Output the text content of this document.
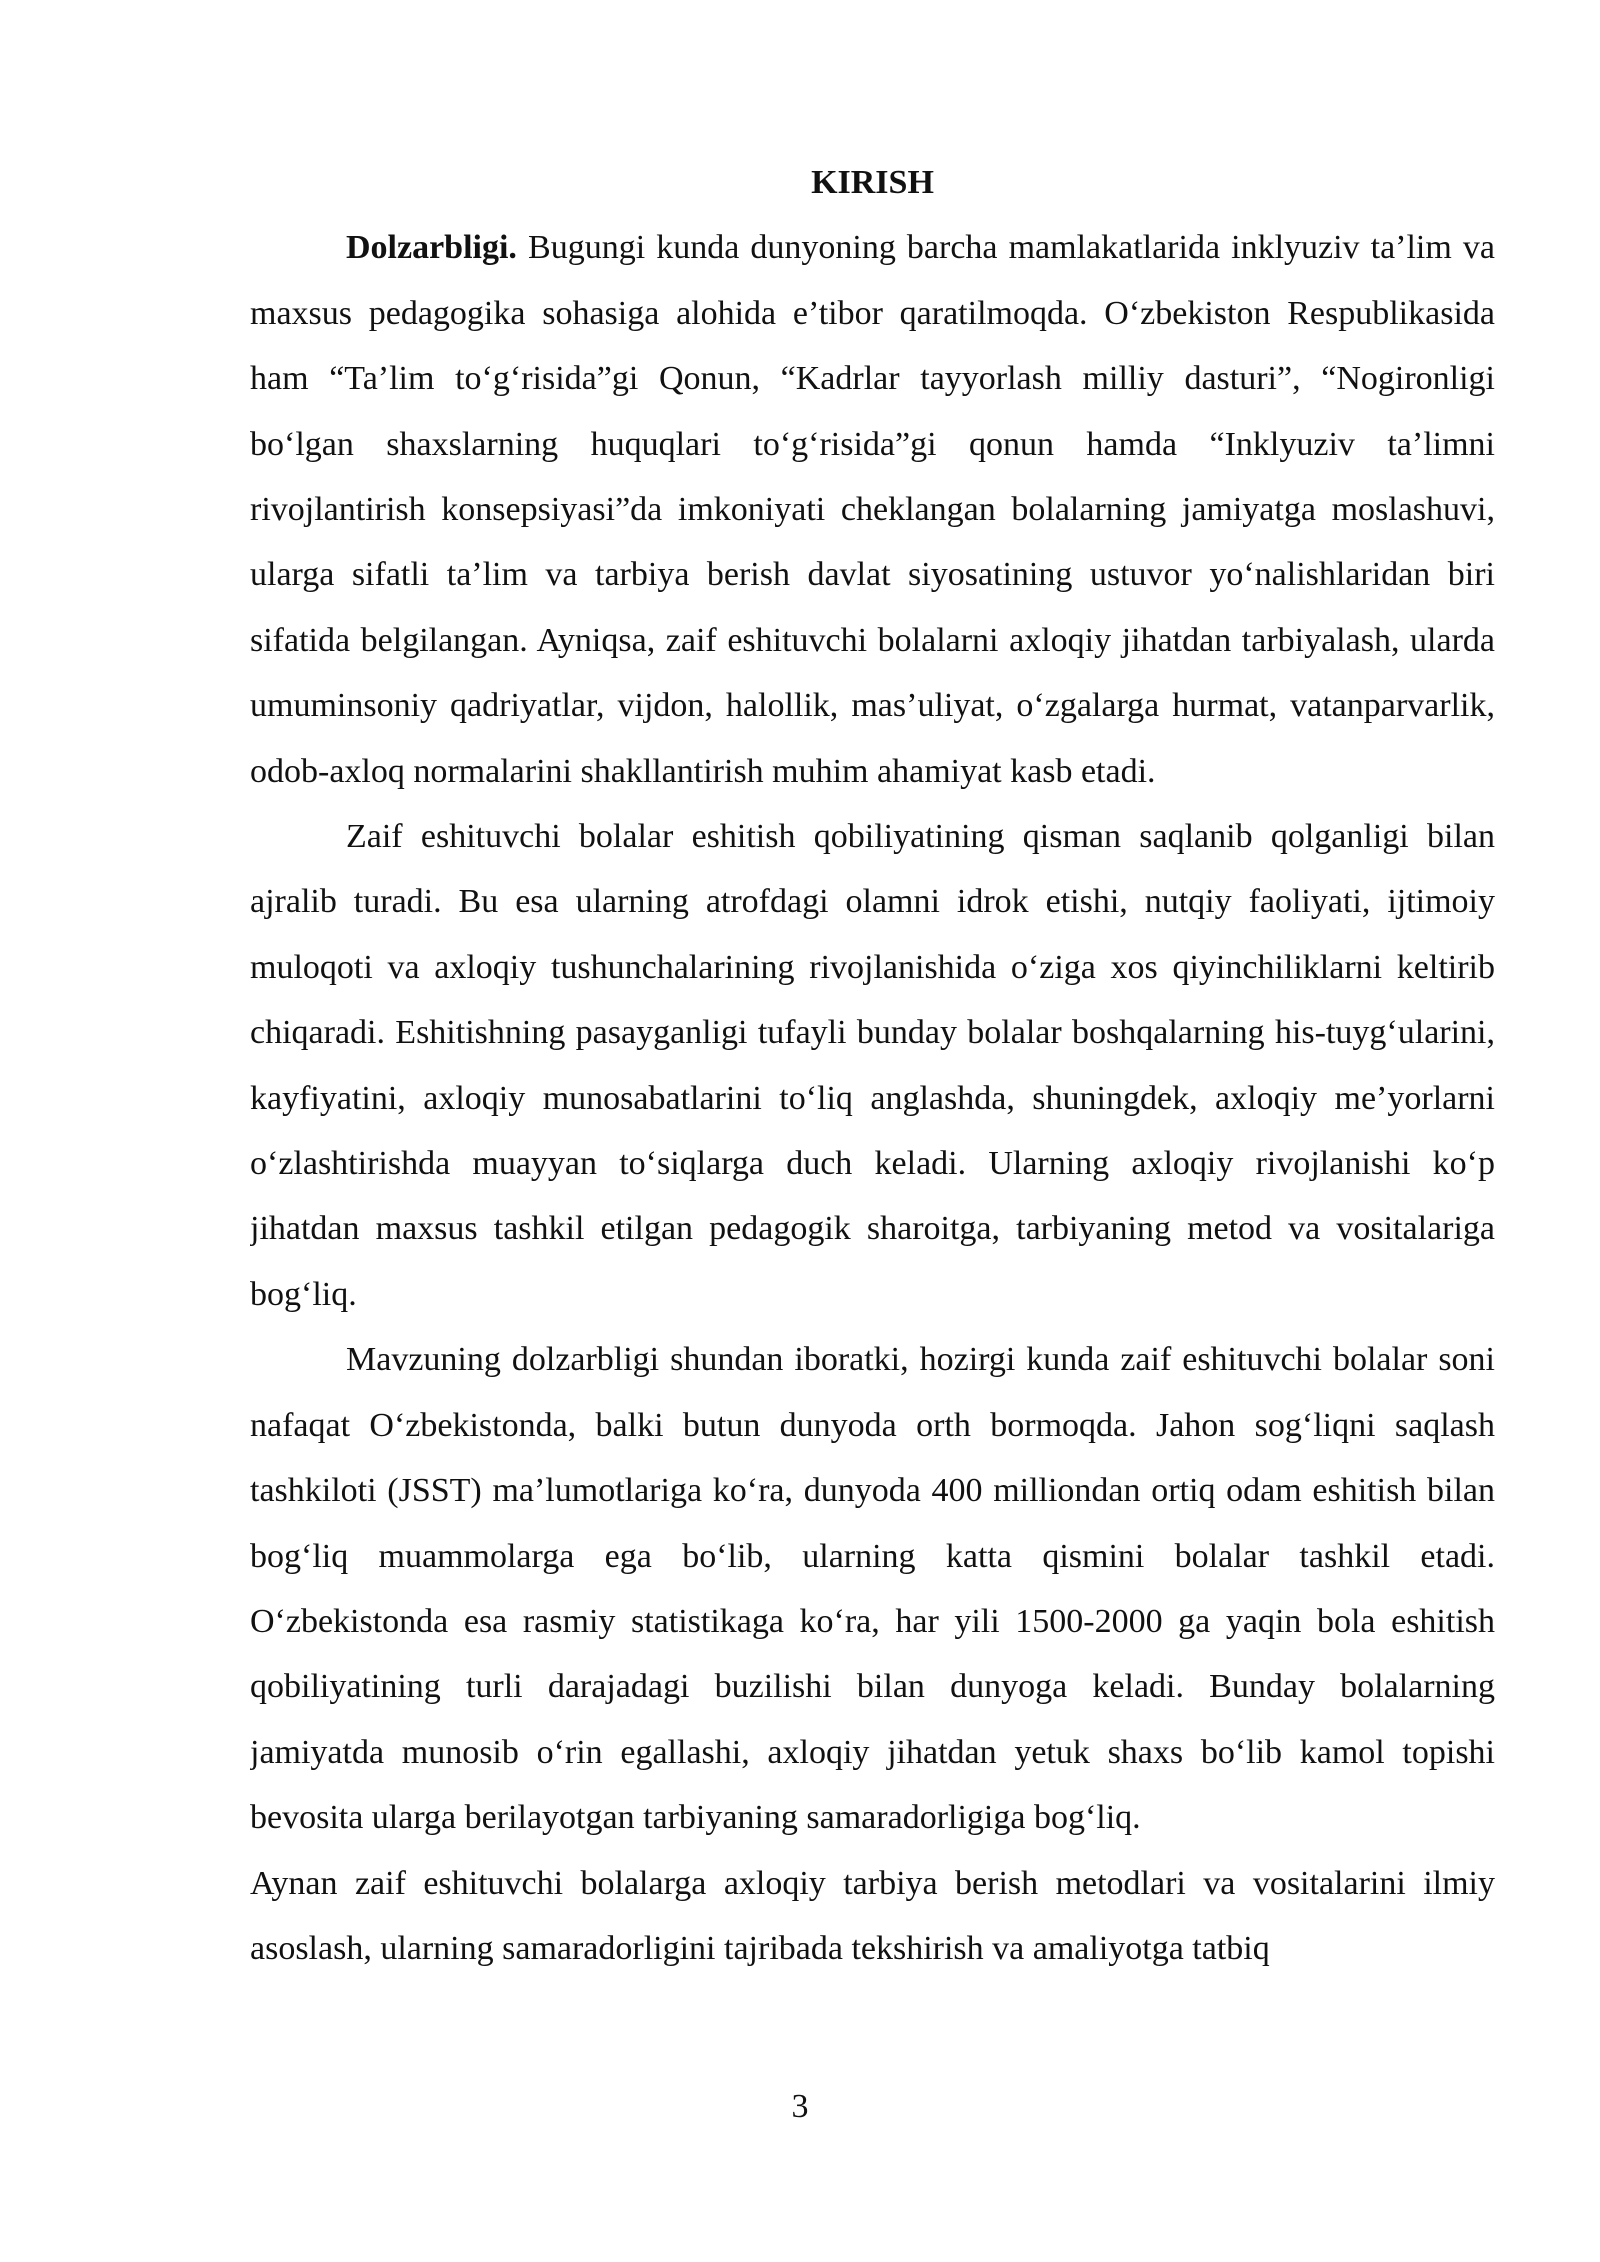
KIRISH

Dolzarbligi. Bugungi kunda dunyoning barcha mamlakatlarida inklyuziv ta’lim va maxsus pedagogika sohasiga alohida e’tibor qaratilmoqda. O‘zbekiston Respublikasida ham “Ta’lim to‘g‘risida”gi Qonun, “Kadrlar tayyorlash milliy dasturi”, “Nogironligi bo‘lgan shaxslarning huquqlari to‘g‘risida”gi qonun hamda “Inklyuziv ta’limni rivojlantirish konsepsiyasi”da imkoniyati cheklangan bolalarning jamiyatga moslashuvi, ularga sifatli ta’lim va tarbiya berish davlat siyosatining ustuvor yo‘nalishlaridan biri sifatida belgilangan. Ayniqsa, zaif eshituvchi bolalarni axloqiy jihatdan tarbiyalash, ularda umuminsoniy qadriyatlar, vijdon, halollik, mas’uliyat, o‘zgalarga hurmat, vatanparvarlik, odob-axloq normalarini shakllantirish muhim ahamiyat kasb etadi.

Zaif eshituvchi bolalar eshitish qobiliyatining qisman saqlanib qolganligi bilan ajralib turadi. Bu esa ularning atrofdagi olamni idrok etishi, nutqiy faoliyati, ijtimoiy muloqoti va axloqiy tushunchalarining rivojlanishida o‘ziga xos qiyinchiliklarni keltirib chiqaradi. Eshitishning pasayganligi tufayli bunday bolalar boshqalarning his-tuyg‘ularini, kayfiyatini, axloqiy munosabatlarini to‘liq anglashda, shuningdek, axloqiy me’yorlarni o‘zlashtirishda muayyan to‘siqlarga duch keladi. Ularning axloqiy rivojlanishi ko‘p jihatdan maxsus tashkil etilgan pedagogik sharoitga, tarbiyaning metod va vositalariga bog‘liq.

Mavzuning dolzarbligi shundan iboratki, hozirgi kunda zaif eshituvchi bolalar soni nafaqat O‘zbekistonda, balki butun dunyoda orth bormoqda. Jahon sog‘liqni saqlash tashkiloti (JSST) ma’lumotlariga ko‘ra, dunyoda 400 milliondan ortiq odam eshitish bilan bog‘liq muammolarga ega bo‘lib, ularning katta qismini bolalar tashkil etadi. O‘zbekistonda esa rasmiy statistikaga ko‘ra, har yili 1500-2000 ga yaqin bola eshitish qobiliyatining turli darajadagi buzilishi bilan dunyoga keladi. Bunday bolalarning jamiyatda munosib o‘rin egallashi, axloqiy jihatdan yetuk shaxs bo‘lib kamol topishi bevosita ularga berilayotgan tarbiyaning samaradorligiga bog‘liq.

Aynan zaif eshituvchi bolalarga axloqiy tarbiya berish metodlari va vositalarini ilmiy asoslash, ularning samaradorligini tajribada tekshirish va amaliyotga tatbiq

3
